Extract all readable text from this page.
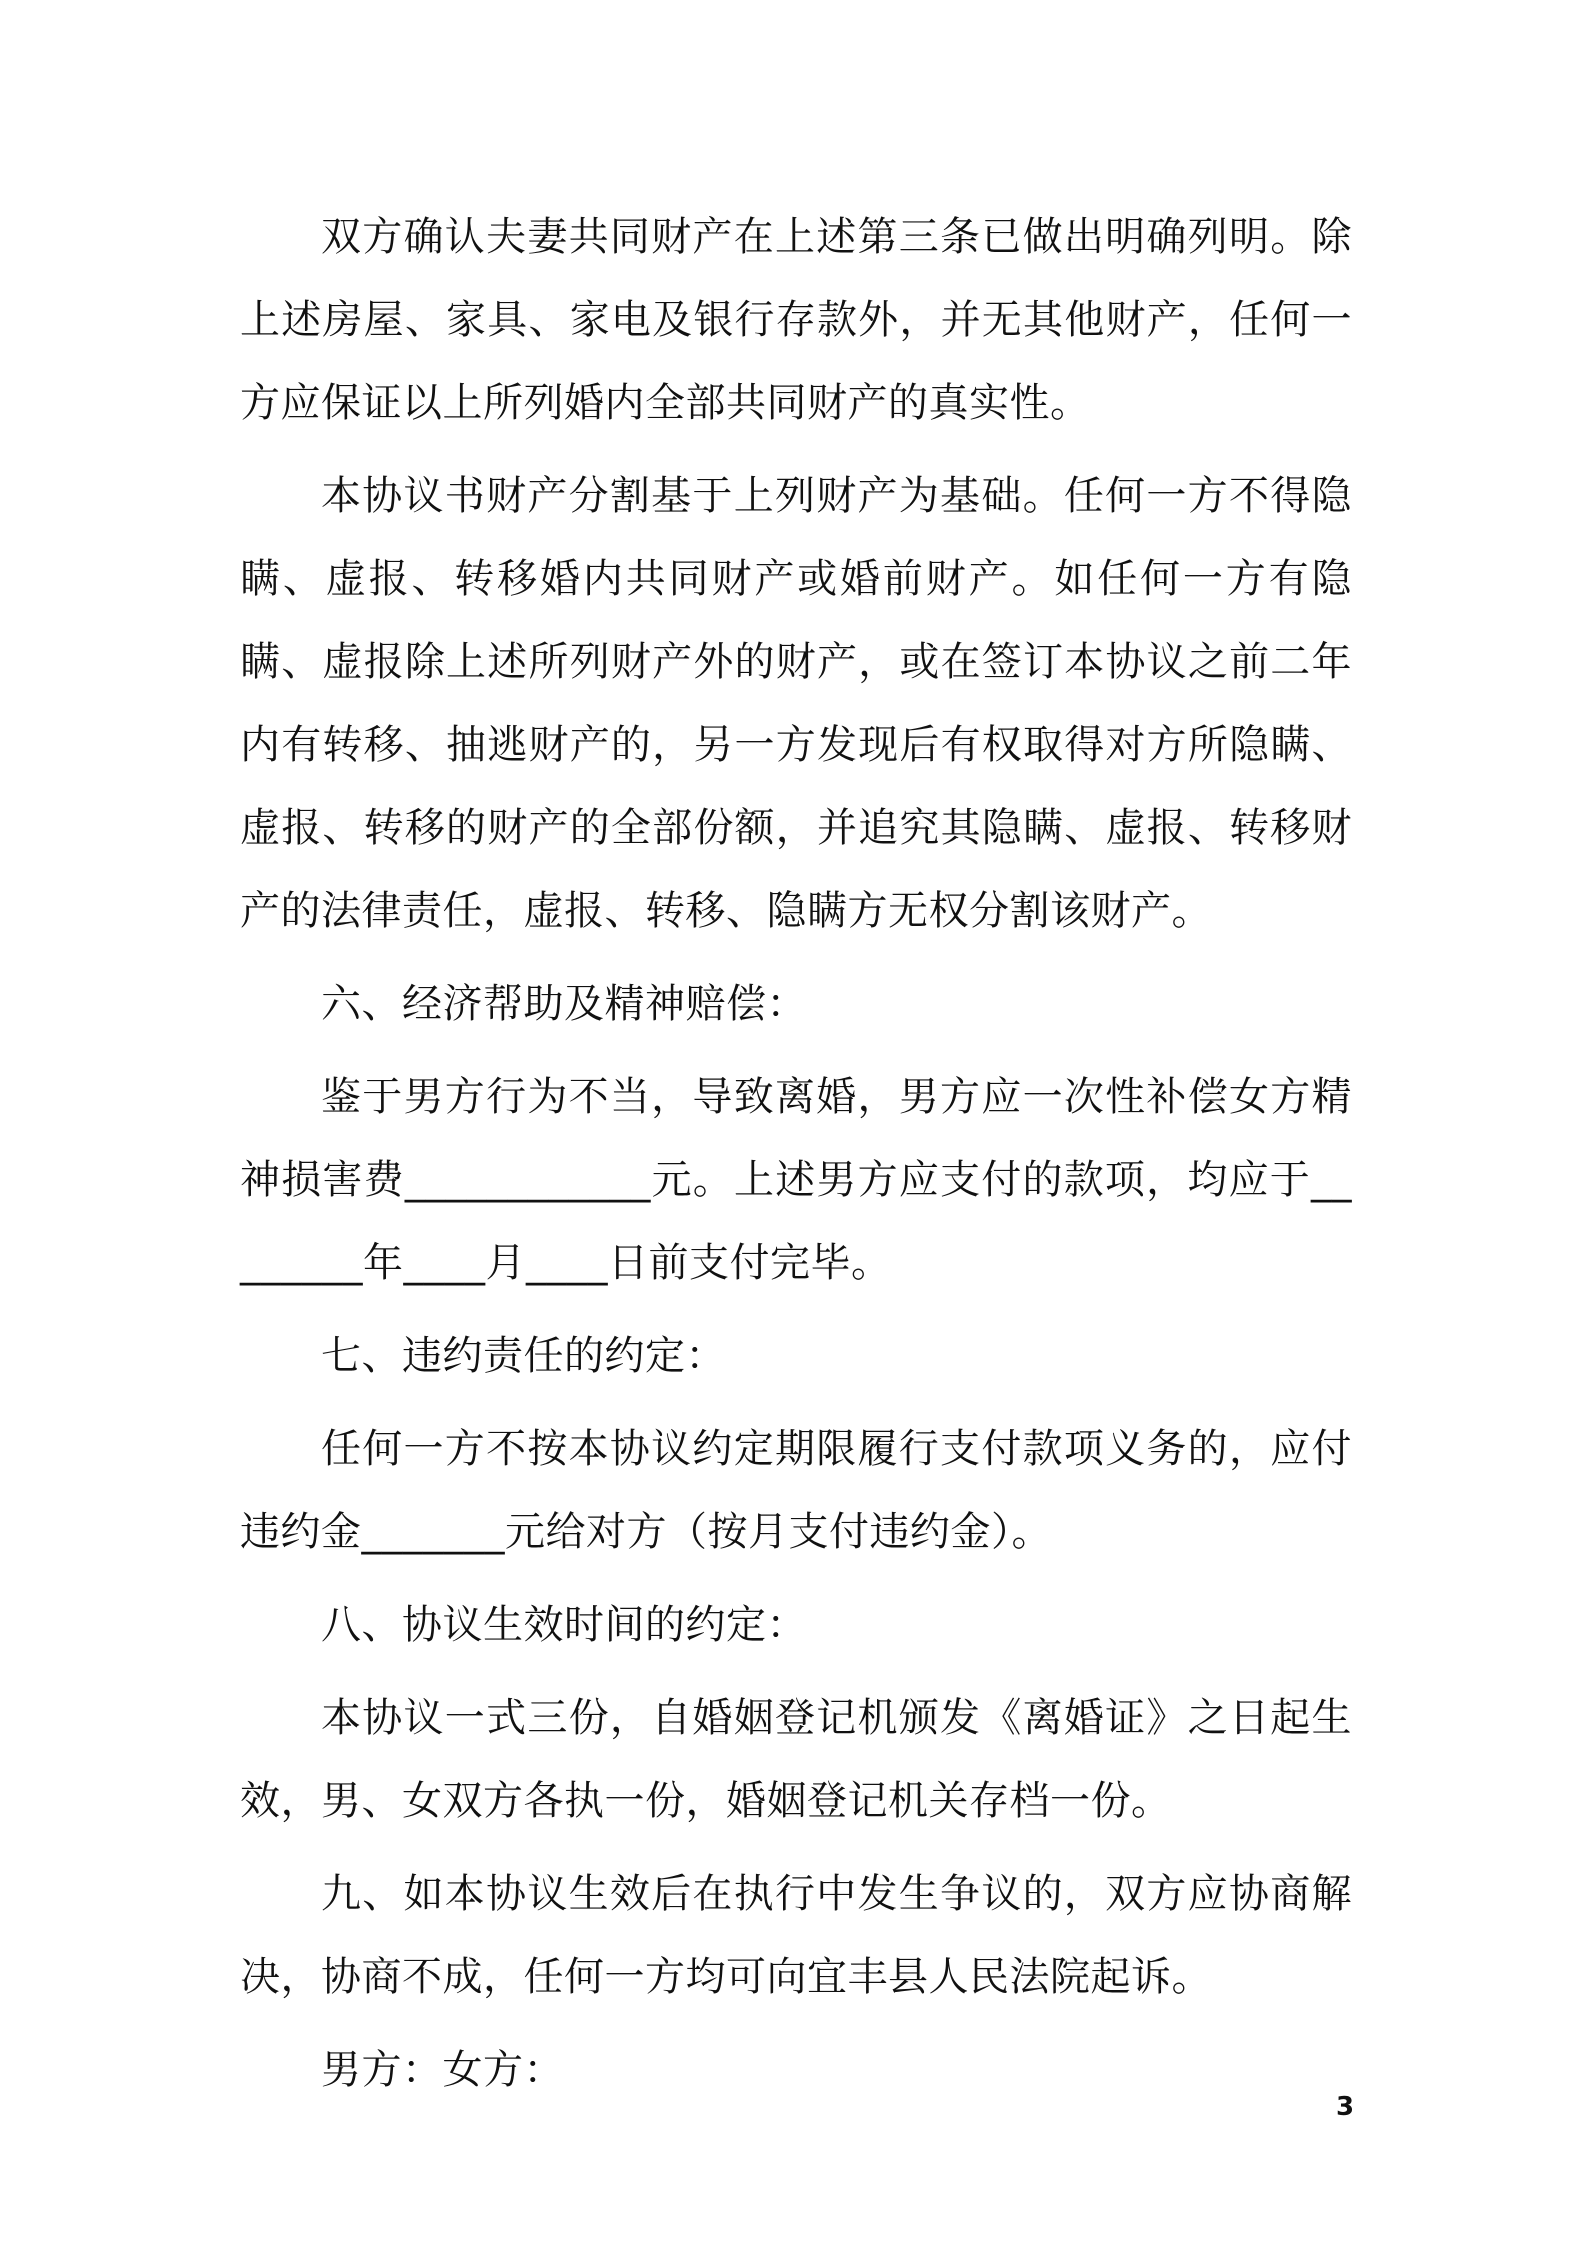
双方确认夫妻共同财产在上述第三条已做出明确列明。除上述房屋、家具、家电及银行存款外，并无其他财产，任何一方应保证以上所列婚内全部共同财产的真实性。

本协议书财产分割基于上列财产为基础。任何一方不得隐瞒、虚报、转移婚内共同财产或婚前财产。如任何一方有隐瞒、虚报除上述所列财产外的财产，或在签订本协议之前二年内有转移、抽逃财产的，另一方发现后有权取得对方所隐瞒、虚报、转移的财产的全部份额，并追究其隐瞒、虚报、转移财产的法律责任，虚报、转移、隐瞒方无权分割该财产。

六、经济帮助及精神赔偿：

鉴于男方行为不当，导致离婚，男方应一次性补偿女方精神损害费____________元。上述男方应支付的款项，均应于________年____月____日前支付完毕。

七、违约责任的约定：

任何一方不按本协议约定期限履行支付款项义务的，应付违约金_______元给对方（按月支付违约金）。

八、协议生效时间的约定：

本协议一式三份，自婚姻登记机颁发《离婚证》之日起生效，男、女双方各执一份，婚姻登记机关存档一份。

九、如本协议生效后在执行中发生争议的，双方应协商解决，协商不成，任何一方均可向宜丰县人民法院起诉。

男方：女方：

3
